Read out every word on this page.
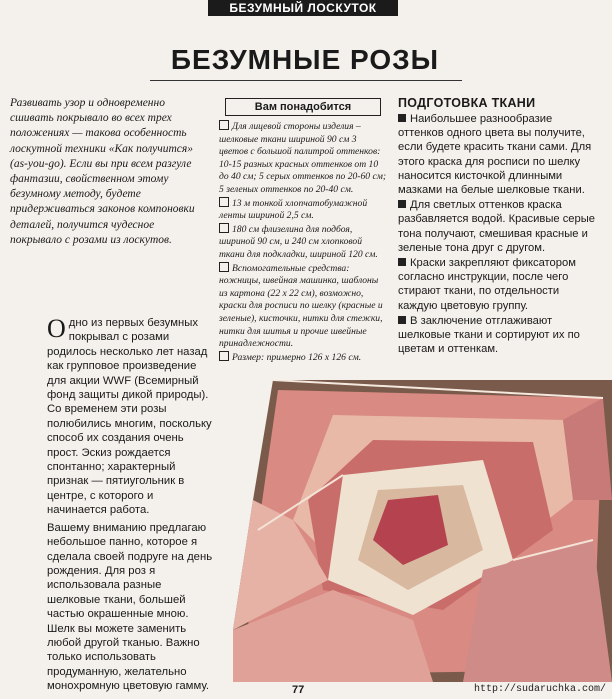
БЕЗУМНЫЙ ЛОСКУТОК
БЕЗУМНЫЕ РОЗЫ
Развивать узор и одновременно сшивать покрывало во всех трех положениях — такова особенность лоскутной техники «Как получится» (as-you-go). Если вы при всем разгуле фантазии, свойственном этому безумному методу, будете придерживаться законов компоновки деталей, получится чудесное покрывало с розами из лоскутов.

Одно из первых безумных покрывал с розами родилось несколько лет назад как групповое произведение для акции WWF (Всемирный фонд защиты дикой природы). Со временем эти розы полюбились многим, поскольку способ их создания очень прост. Эскиз рождается спонтанно; характерный признак — пятиугольник в центре, с которого и начинается работа.

Вашему вниманию предлагаю небольшое панно, которое я сделала своей подруге на день рождения. Для роз я использовала разные шелковые ткани, большей частью окрашенные мною. Шелк вы можете заменить любой другой тканью. Важно только использовать продуманную, желательно монохромную цветовую гамму.

Вам понадобится
Для лицевой стороны изделия – шелковые ткани шириной 90 см 3 цветов с большой палитрой оттенков: 10-15 разных красных оттенков от 10 до 40 см; 5 серых оттенков по 20-60 см; 5 зеленых оттенков по 20-40 см.
13 м тонкой хлопчатобумажной ленты шириной 2,5 см.
180 см флизелина для подбоя, шириной 90 см, и 240 см хлопковой ткани для подкладки, шириной 120 см.
Вспомогательные средства: ножницы, швейная машинка, шаблоны из картона (22 x 22 см), возможно, краски для росписи по шелку (красные и зеленые), кисточки, нитки для стежки, нитки для шитья и прочие швейные принадлежности.
Размер: примерно 126 x 126 см.
ПОДГОТОВКА ТКАНИ

Наибольшее разнообразие оттенков одного цвета вы получите, если будете красить ткани сами. Для этого краска для росписи по шелку наносится кисточкой длинными мазками на белые шелковые ткани.

Для светлых оттенков краска разбавляется водой. Красивые серые тона получают, смешивая красные и зеленые тона друг с другом.

Краски закрепляют фиксатором согласно инструкции, после чего стирают ткани, по отдельности каждую цветовую группу.

В заключение отглаживают шелковые ткани и сортируют их по цветам и оттенкам.

77	http://sudaruchka.com/
